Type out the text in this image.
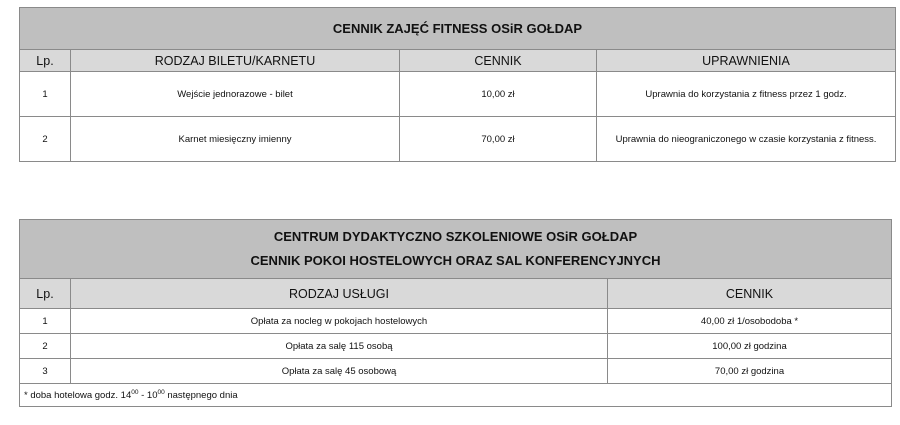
CENNIK ZAJĘĆ FITNESS OSiR GOŁDAP			
Lp.	RODZAJ BILETU/KARNETU	CENNIK	UPRAWNIENIA
1	Wejście jednorazowe - bilet	10,00 zł	Uprawnia do korzystania z fitness przez 1 godz.
2	Karnet miesięczny imienny	70,00 zł	Uprawnia do nieograniczonego w czasie korzystania z fitness.
CENTRUM DYDAKTYCZNO SZKOLENIOWE OSiR GOŁDAP
CENNIK POKOI HOSTELOWYCH ORAZ SAL KONFERENCYJNYCH		

Lp.	RODZAJ USŁUGI	CENNIK
1	Opłata za nocleg w pokojach hostelowych	40,00 zł 1/osobodoba *
2	Opłata za salę 115 osobą	100,00 zł godzina
3	Opłata za salę 45 osobową	70,00 zł godzina
* doba hotelowa godz. $14^{00} - 10^{00}$ następnego dnia		
